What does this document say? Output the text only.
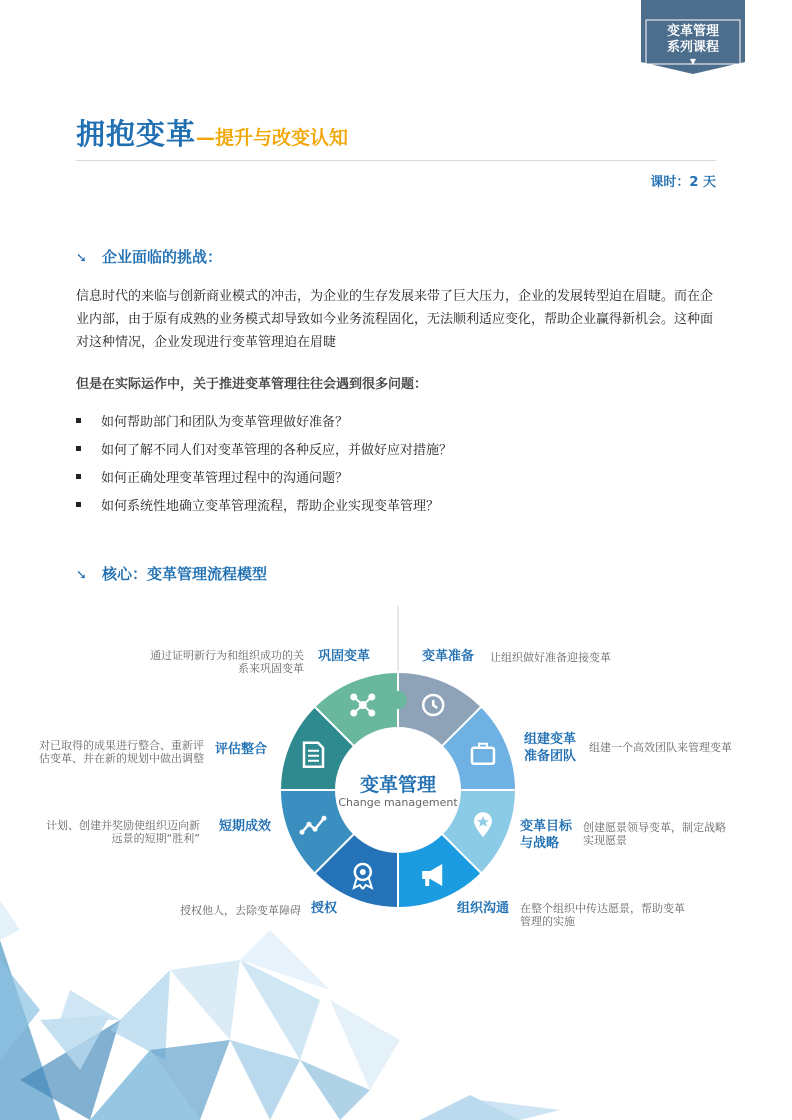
变革管理
系列课程
▼
拥抱变革—提升与改变认知
课时：2 天
➘ 企业面临的挑战：
信息时代的来临与创新商业模式的冲击，为企业的生存发展来带了巨大压力，企业的发展转型迫在眉睫。而在企业内部，由于原有成熟的业务模式却导致如今业务流程固化，无法顺利适应变化，帮助企业赢得新机会。这种面对这种情况，企业发现进行变革管理迫在眉睫
但是在实际运作中，关于推进变革管理往往会遇到很多问题：
如何帮助部门和团队为变革管理做好准备？
如何了解不同人们对变革管理的各种反应，并做好应对措施？
如何正确处理变革管理过程中的沟通问题？
如何系统性地确立变革管理流程，帮助企业实现变革管理？
➘ 核心：变革管理流程模型
变革管理
Change management
变革准备 让组织做好准备迎接变革
组建变革
准备团队
组建一个高效团队来管理变革
变革目标
与战略
创建愿景领导变革，制定战略
实现愿景
组织沟通 在整个组织中传达愿景，帮助变革
管理的实施
授权
授权他人，去除变革障碍
短期成效
计划、创建并奖励使组织迈向新
远景的短期“胜利”
评估整合
对已取得的成果进行整合、重新评
估变革、并在新的规划中做出调整
巩固变革
通过证明新行为和组织成功的关
系来巩固变革
